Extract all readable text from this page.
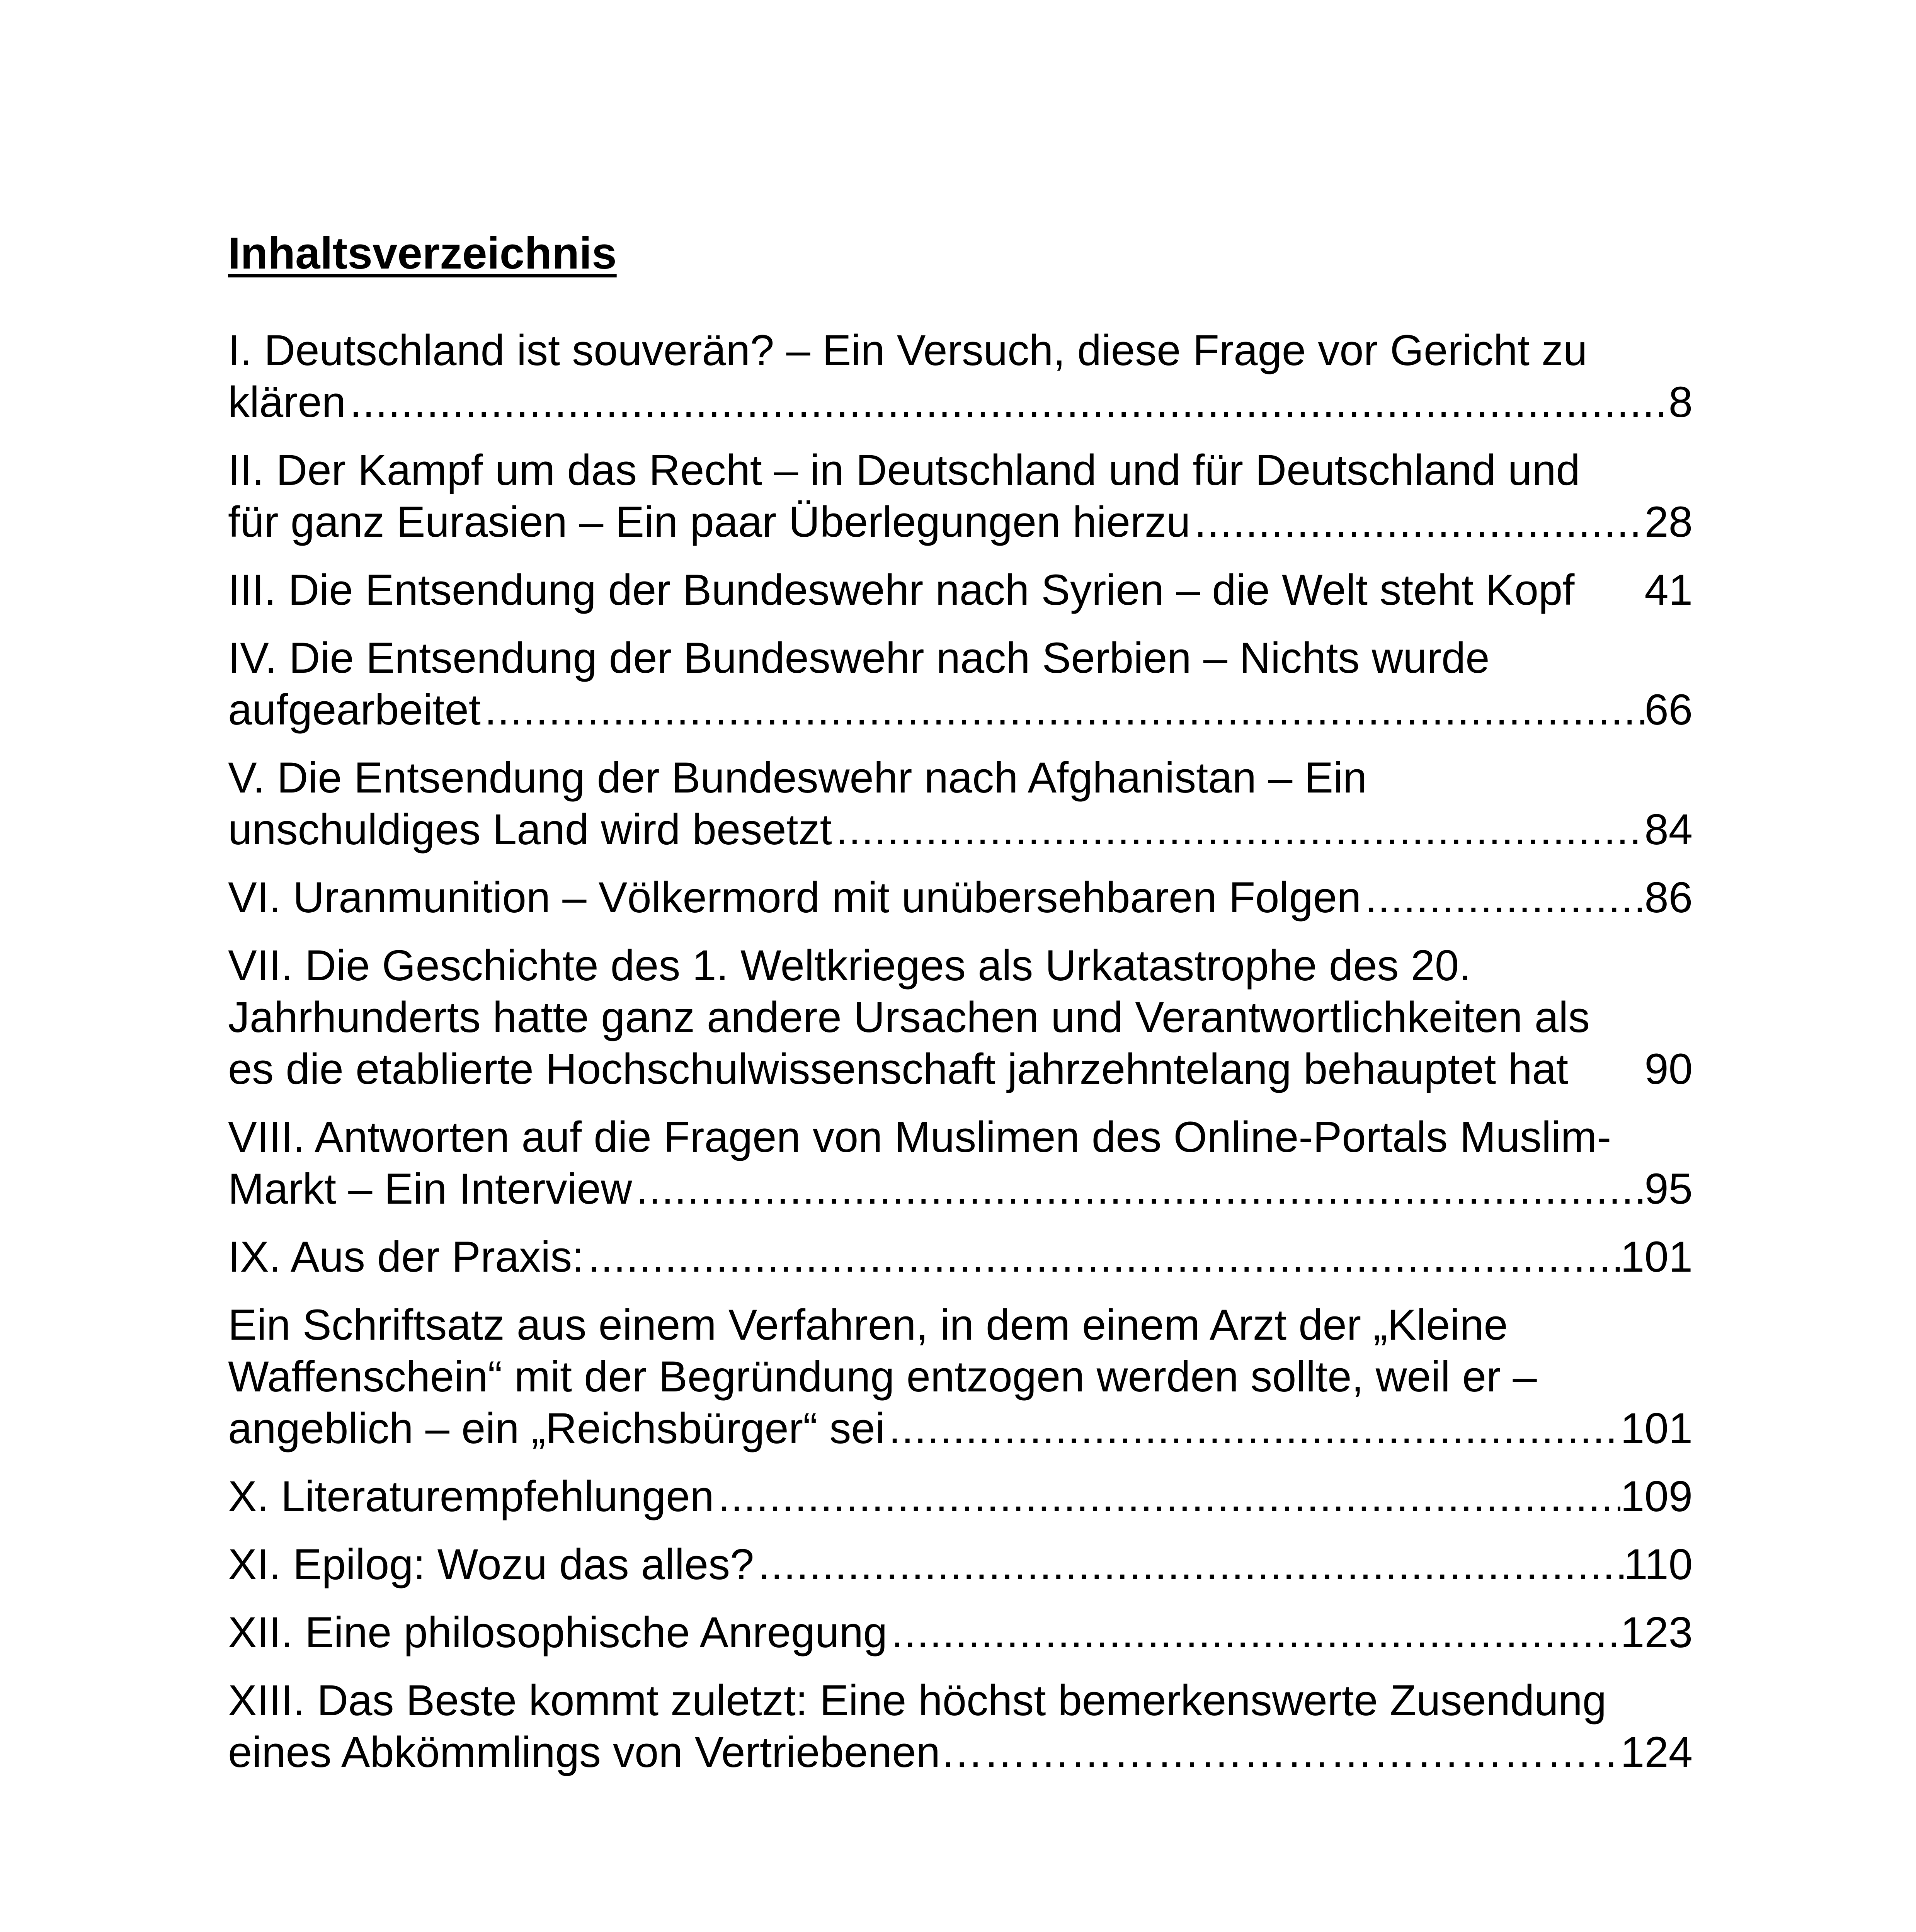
Inhaltsverzeichnis
I. Deutschland ist souverän? – Ein Versuch, diese Frage vor Gericht zu
klären .....	8
II. Der Kampf um das Recht – in Deutschland und für Deutschland und
für ganz Eurasien – Ein paar Überlegungen hierzu .....	28
III. Die Entsendung der Bundeswehr nach Syrien – die Welt steht Kopf 41
IV. Die Entsendung der Bundeswehr nach Serbien – Nichts wurde
aufgearbeitet .....	66
V. Die Entsendung der Bundeswehr nach Afghanistan – Ein
unschuldiges Land wird besetzt .....	84
VI. Uranmunition – Völkermord mit unübersehbaren Folgen .....	86
VII. Die Geschichte des 1. Weltkrieges als Urkatastrophe des 20.
Jahrhunderts hatte ganz andere Ursachen und Verantwortlichkeiten als
es die etablierte Hochschulwissenschaft jahrzehntelang behauptet hat 90
VIII. Antworten auf die Fragen von Muslimen des Online-Portals Muslim-
Markt – Ein Interview .....	95
IX. Aus der Praxis: .....	101
Ein Schriftsatz aus einem Verfahren, in dem einem Arzt der „Kleine
Waffenschein“ mit der Begründung entzogen werden sollte, weil er –
angeblich – ein „Reichsbürger“ sei .....	101
X. Literaturempfehlungen .....	109
XI. Epilog: Wozu das alles? .....	110
XII. Eine philosophische Anregung .....	123
XIII. Das Beste kommt zuletzt: Eine höchst bemerkenswerte Zusendung
eines Abkömmlings von Vertriebenen ………………………………………………………………………………………………………………………………………………………………………………………………………………	124
